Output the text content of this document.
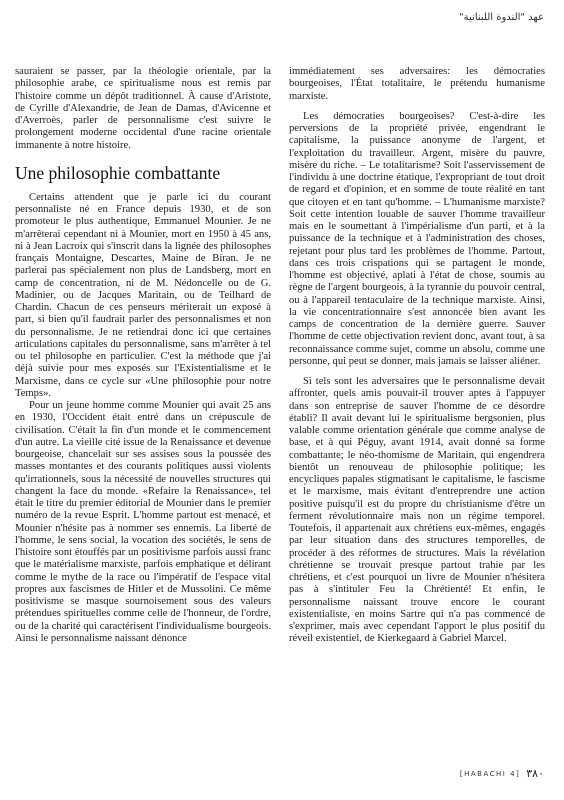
عهد "الندوة اللبنانية"

sauraient se passer, par la théologie orientale, par la philosophie arabe, ce spiritualisme nous est remis par l'histoire comme un dépôt traditionnel. À cause d'Aristote, de Cyrille d'Alexandrie, de Jean de Damas, d'Avicenne et d'Averroès, parler de personnalisme c'est suivre le prolongement moderne occidental d'une racine orientale immanente à notre histoire.

Une philosophie combattante

Certains attendent que je parle ici du courant personnaliste né en France depuis 1930, et de son promoteur le plus authentique, Emmanuel Mounier. Je ne m'arrêterai cependant ni à Mounier, mort en 1950 à 45 ans, ni à Jean Lacroix qui s'inscrit dans la lignée des philosophes français Montaigne, Descartes, Maine de Biran. Je ne parlerai pas spécialement non plus de Landsberg, mort en camp de concentration, ni de M. Nédoncelle ou de G. Madinier, ou de Jacques Maritain, ou de Teilhard de Chardin. Chacun de ces penseurs mériterait un exposé à part, si bien qu'il faudrait parler des personnalismes et non du personnalisme. Je ne retiendrai donc ici que certaines articulations capitales du personnalisme, sans m'arrêter à tel ou tel philosophe en particulier. C'est la méthode que j'ai déjà suivie pour mes exposés sur l'Existentialisme et le Marxisme, dans ce cycle sur «Une philosophie pour notre Temps».

Pour un jeune homme comme Mounier qui avait 25 ans en 1930, l'Occident était entré dans un crépuscule de civilisation. C'était la fin d'un monde et le commencement d'un autre. La vieille cité issue de la Renaissance et devenue bourgeoise, chancelait sur ses assises sous la poussée des masses montantes et des courants politiques aussi violents qu'irrationnels, sous la nécessité de nouvelles structures qui changent la face du monde. «Refaire la Renaissance», tel était le titre du premier éditorial de Mounier dans le premier numéro de la revue Esprit. L'homme partout est menacé, et Mounier n'hésite pas à nommer ses ennemis. La liberté de l'homme, le sens social, la vocation des sociétés, le sens de l'histoire sont étouffés par un positivisme parfois aussi franc que le matérialisme marxiste, parfois emphatique et délirant comme le mythe de la race ou l'impératif de l'espace vital propres aux fascismes de Hitler et de Mussolini. Ce même positivisme se masque sournoisement sous des valeurs prétendues spirituelles comme celle de l'honneur, de l'ordre, ou de la charité qui caractérisent l'individualisme bourgeois. Ainsi le personnalisme naissant dénonce

immédiatement ses adversaires: les démocraties bourgeoises, l'État totalitaire, le prétendu humanisme marxiste.

Les démocraties bourgeoises? C'est-à-dire les perversions de la propriété privée, engendrant le capitalisme, la puissance anonyme de l'argent, et l'exploitation du travailleur. Argent, misère du pauvre, misère du riche. – Le totalitarisme? Soit l'asservissement de l'individu à une doctrine étatique, l'expropriant de tout droit de regard et d'opinion, et en somme de toute réalité en tant que citoyen et en tant qu'homme. – L'humanisme marxiste? Soit cette intention louable de sauver l'homme travailleur mais en le soumettant à l'impérialisme d'un parti, et à la puissance de la technique et à l'administration des choses, rejetant pour plus tard les problèmes de l'homme. Partout, dans ces trois crispations qui se partagent le monde, l'homme est objectivé, aplati à l'état de chose, soumis au règne de l'argent bourgeois, à la tyrannie du pouvoir central, ou à l'appareil tentaculaire de la technique marxiste. Ainsi, la vie concentrationnaire s'est annoncée bien avant les camps de concentration de la dernière guerre. Sauver l'homme de cette objectivation revient donc, avant tout, à sa reconnaissance comme sujet, comme un absolu, comme une personne, qui peut se donner, mais jamais se laisser aliéner.

Si tels sont les adversaires que le personnalisme devait affronter, quels amis pouvait-il trouver aptes à l'appuyer dans son entreprise de sauver l'homme de ce désordre établi? Il avait devant lui le spiritualisme bergsonien, plus valable comme orientation générale que comme analyse de base, et à qui Péguy, avant 1914, avait donné sa forme combattante; le néo-thomisme de Maritain, qui engendrera bientôt un renouveau de philosophie politique; les encycliques papales stigmatisant le capitalisme, le fascisme et le marxisme, mais évitant d'entreprendre une action positive puisqu'il est du propre du christianisme d'être un ferment révolutionnaire mais non un régime temporel. Toutefois, il appartenait aux chrétiens eux-mêmes, engagés par leur situation dans des structures temporelles, de procéder à des réformes de structures. Mais la révélation chrétienne se trouvait presque partout trahie par les chrétiens, et c'est pourquoi un livre de Mounier n'hésitera pas à s'intituler Feu la Chrétienté! Et enfin, le personnalisme naissant trouve encore le courant existentialiste, en moins Sartre qui n'a pas commencé de s'exprimer, mais avec cependant l'apport le plus positif du réveil existentiel, de Kierkegaard à Gabriel Marcel.

[HABACHI 4] ٣٨٠
